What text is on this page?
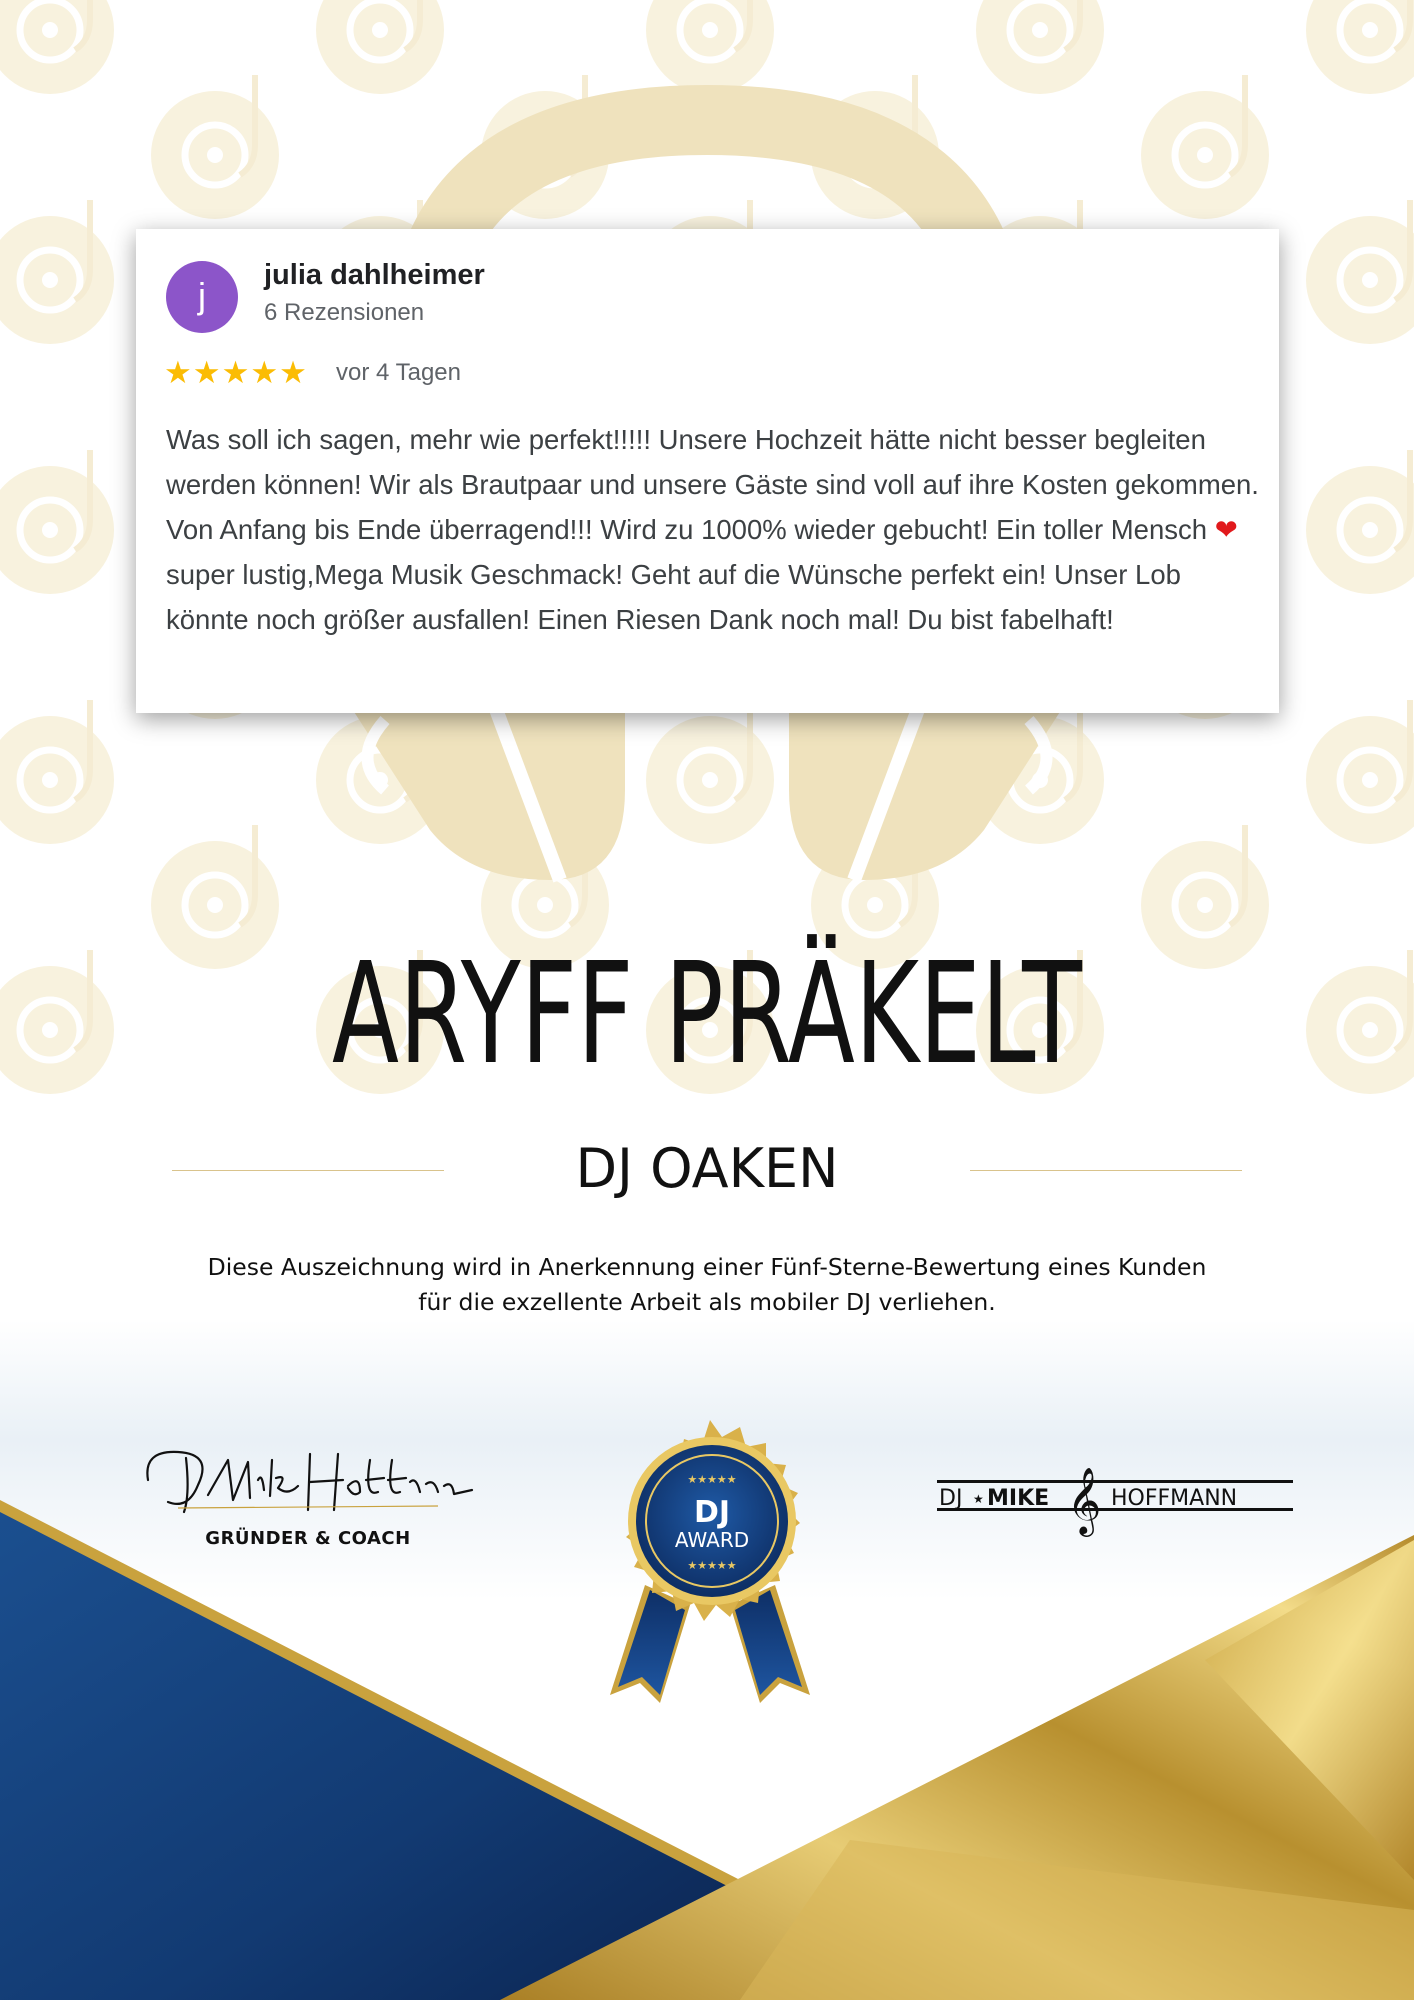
j	julia dahlheimer
6 Rezensionen
★★★★★ vor 4 Tagen

Was soll ich sagen, mehr wie perfekt!!!!! Unsere Hochzeit hätte nicht besser begleiten werden können! Wir als Brautpaar und unsere Gäste sind voll auf ihre Kosten gekommen. Von Anfang bis Ende überragend!!! Wird zu 1000% wieder gebucht! Ein toller Mensch ❤ super lustig,Mega Musik Geschmack! Geht auf die Wünsche perfekt ein! Unser Lob könnte noch größer ausfallen! Einen Riesen Dank noch mal! Du bist fabelhaft!

ARYFF PRÄKELT
DJ OAKEN

Diese Auszeichnung wird in Anerkennung einer Fünf-Sterne-Bewertung eines Kunden für die exzellente Arbeit als mobiler DJ verliehen.

GRÜNDER & COACH
★★★★★
DJ
AWARD
★★★★★
DJ ★ MIKE 𝄞 HOFFMANN
